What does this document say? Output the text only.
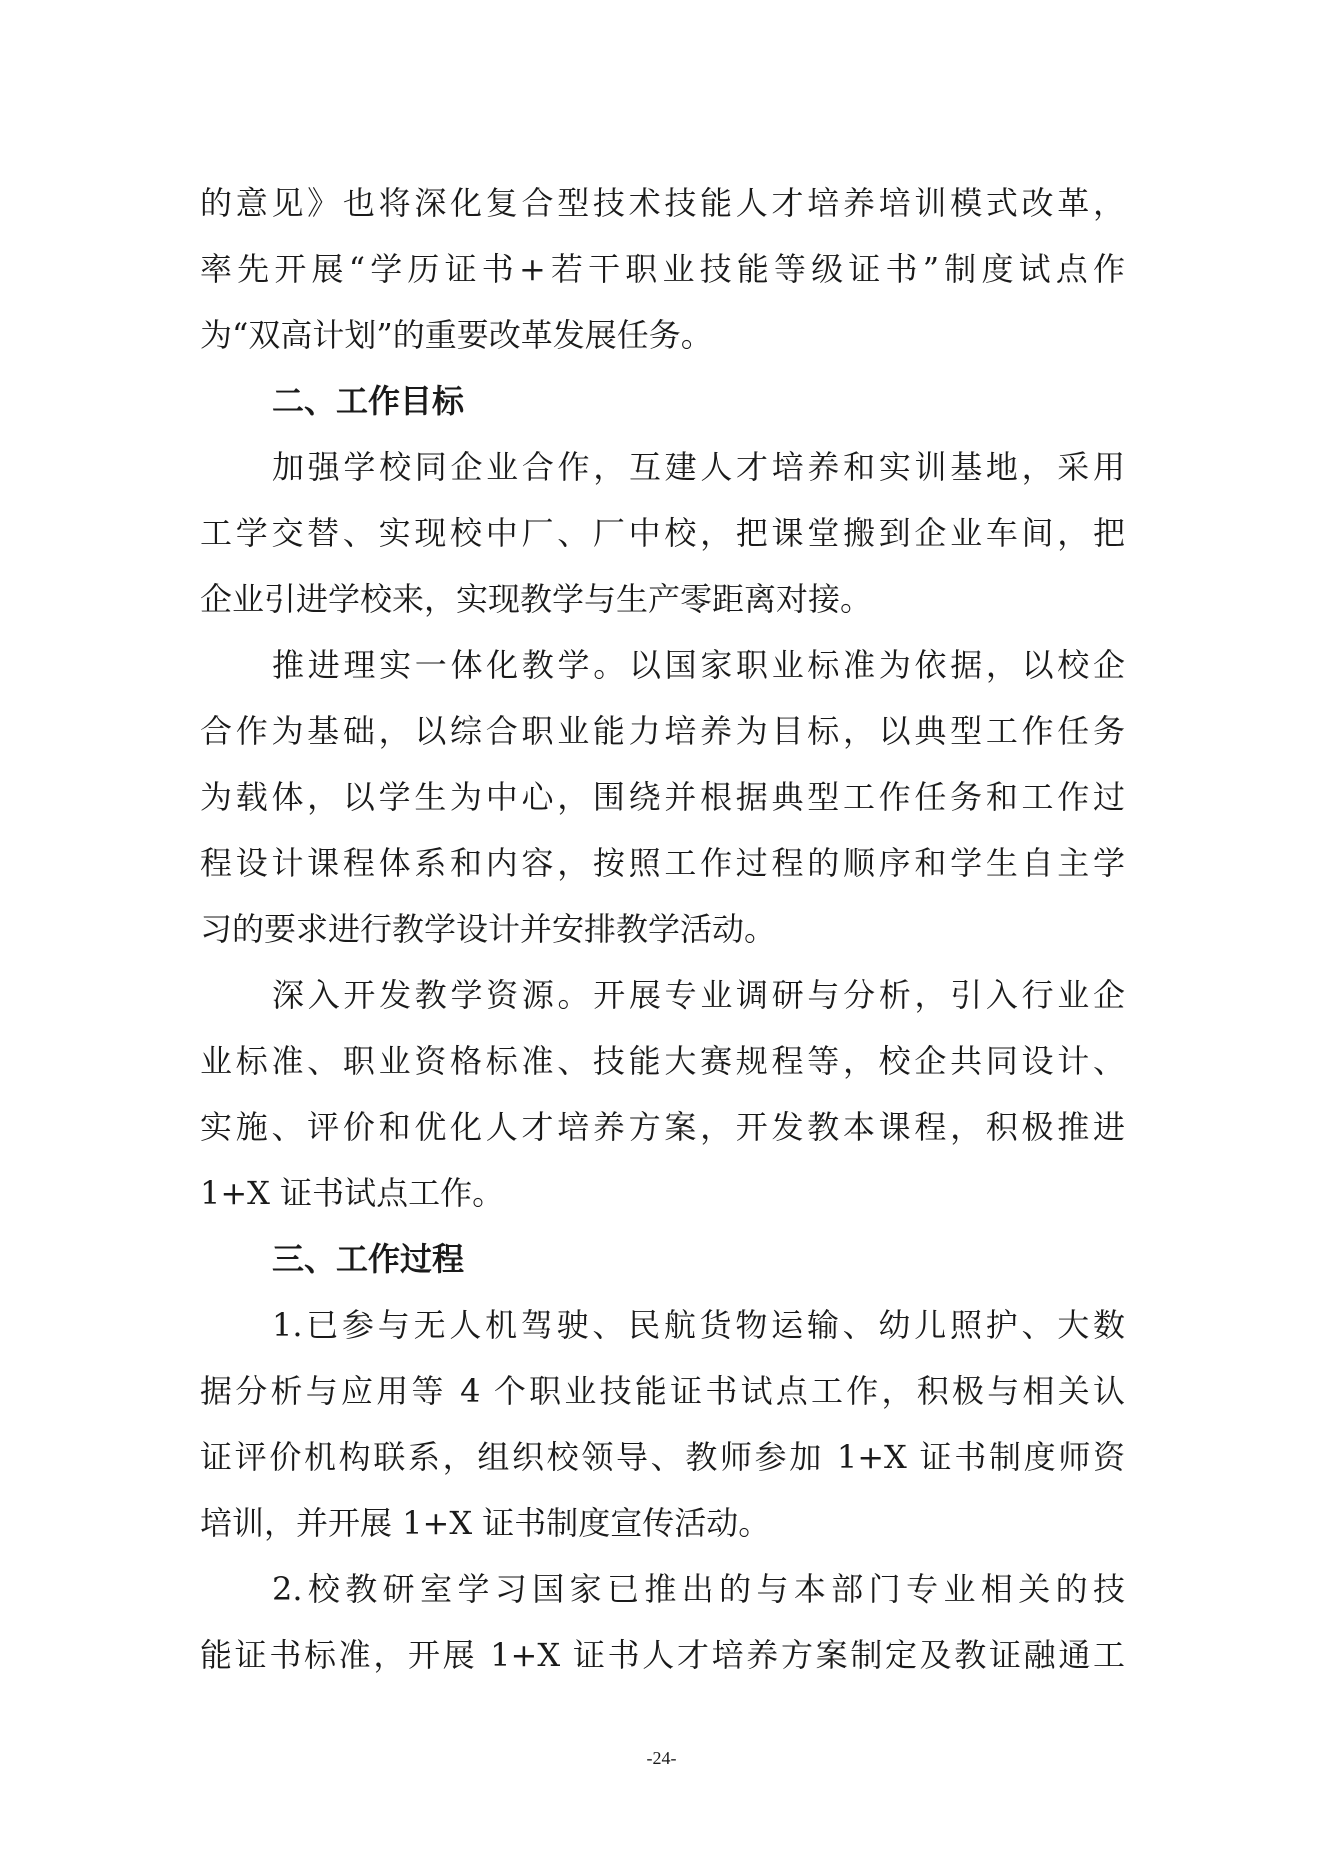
的意见》也将深化复合型技术技能人才培养培训模式改革，
率先开展“学历证书+若干职业技能等级证书”制度试点作
为“双高计划”的重要改革发展任务。
二、工作目标
加强学校同企业合作，互建人才培养和实训基地，采用
工学交替、实现校中厂、厂中校，把课堂搬到企业车间，把
企业引进学校来，实现教学与生产零距离对接。
推进理实一体化教学。以国家职业标准为依据，以校企
合作为基础，以综合职业能力培养为目标，以典型工作任务
为载体，以学生为中心，围绕并根据典型工作任务和工作过
程设计课程体系和内容，按照工作过程的顺序和学生自主学
习的要求进行教学设计并安排教学活动。
深入开发教学资源。开展专业调研与分析，引入行业企
业标准、职业资格标准、技能大赛规程等，校企共同设计、
实施、评价和优化人才培养方案，开发教本课程，积极推进
1+X 证书试点工作。
三、工作过程
1.已参与无人机驾驶、民航货物运输、幼儿照护、大数
据分析与应用等 4 个职业技能证书试点工作，积极与相关认
证评价机构联系，组织校领导、教师参加 1+X 证书制度师资
培训，并开展 1+X 证书制度宣传活动。
2.校教研室学习国家已推出的与本部门专业相关的技
能证书标准，开展 1+X 证书人才培养方案制定及教证融通工
-24-
